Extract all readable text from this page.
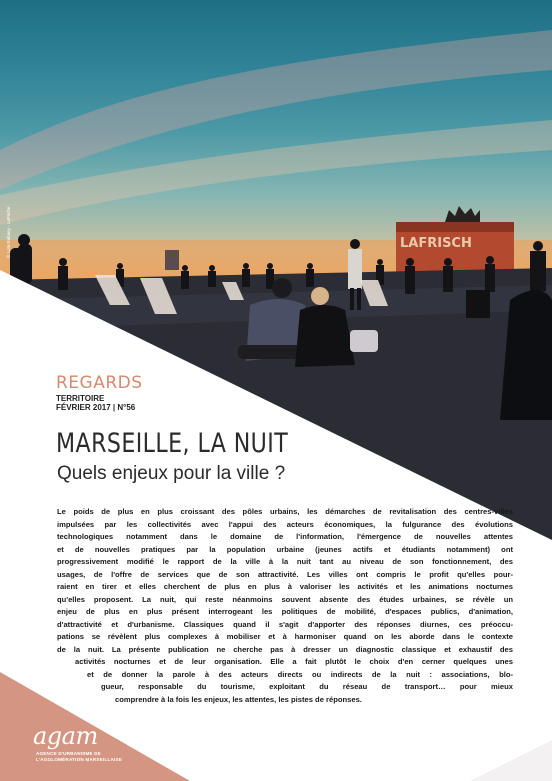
LAFRISCH
© Lola Rabaey - LaFriche
REGARDS
TERRITOIRE
FÉVRIER 2017 | N°56
MARSEILLE, LA NUIT
Quels enjeux pour la ville ?
Le poids de plus en plus croissant des pôles urbains, les démarches de revitalisation des centres-villes
impulsées par les collectivités avec l'appui des acteurs économiques, la fulgurance des évolutions
technologiques notamment dans le domaine de l'information, l'émergence de nouvelles attentes
et de nouvelles pratiques par la population urbaine (jeunes actifs et étudiants notamment) ont
progressivement modifié le rapport de la ville à la nuit tant au niveau de son fonctionnement, des
usages, de l'offre de services que de son attractivité. Les villes ont compris le profit qu'elles pour-
raient en tirer et elles cherchent de plus en plus à valoriser les activités et les animations nocturnes
qu'elles proposent. La nuit, qui reste néanmoins souvent absente des études urbaines, se révèle un
enjeu de plus en plus présent interrogeant les politiques de mobilité, d'espaces publics, d'animation,
d'attractivité et d'urbanisme. Classiques quand il s'agit d'apporter des réponses diurnes, ces préoccu-
pations se révèlent plus complexes à mobiliser et à harmoniser quand on les aborde dans le contexte
de la nuit. La présente publication ne cherche pas à dresser un diagnostic classique et exhaustif des
activités nocturnes et de leur organisation. Elle a fait plutôt le choix d'en cerner quelques unes
et de donner la parole à des acteurs directs ou indirects de la nuit : associations, blo-
gueur, responsable du tourisme, exploitant du réseau de transport… pour mieux
comprendre à la fois les enjeux, les attentes, les pistes de réponses.
agam
AGENCE D'URBANISME DE
L'AGGLOMÉRATION MARSEILLAISE
